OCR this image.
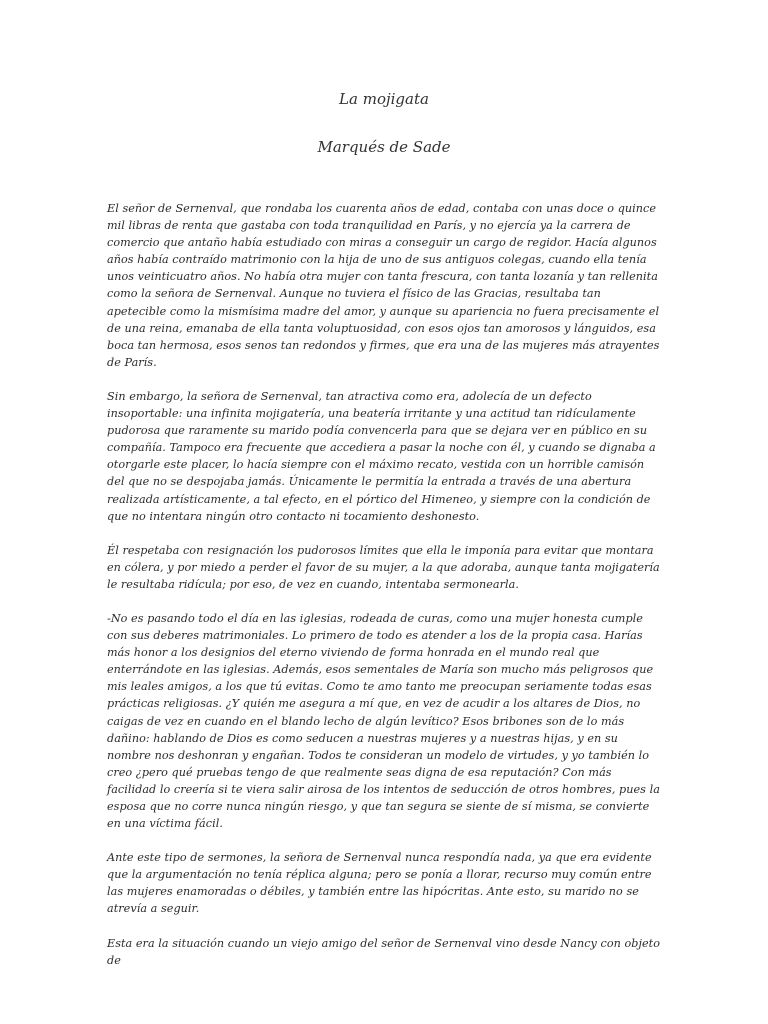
La mojigata
Marqués de Sade

El señor de Sernenval, que rondaba los cuarenta años de edad, contaba con unas doce o quince mil libras de renta que gastaba con toda tranquilidad en París, y no ejercía ya la carrera de comercio que antaño había estudiado con miras a conseguir un cargo de regidor. Hacía algunos años había contraído matrimonio con la hija de uno de sus antiguos colegas, cuando ella tenía unos veinticuatro años. No había otra mujer con tanta frescura, con tanta lozanía y tan rellenita como la señora de Sernenval. Aunque no tuviera el físico de las Gracias, resultaba tan apetecible como la mismísima madre del amor, y aunque su apariencia no fuera precisamente el de una reina, emanaba de ella tanta voluptuosidad, con esos ojos tan amorosos y lánguidos, esa boca tan hermosa, esos senos tan redondos y firmes, que era una de las mujeres más atrayentes de París.

Sin embargo, la señora de Sernenval, tan atractiva como era, adolecía de un defecto insoportable: una infinita mojigatería, una beatería irritante y una actitud tan ridículamente pudorosa que raramente su marido podía convencerla para que se dejara ver en público en su compañía. Tampoco era frecuente que accediera a pasar la noche con él, y cuando se dignaba a otorgarle este placer, lo hacía siempre con el máximo recato, vestida con un horrible camisón del que no se despojaba jamás. Únicamente le permitía la entrada a través de una abertura realizada artísticamente, a tal efecto, en el pórtico del Himeneo, y siempre con la condición de que no intentara ningún otro contacto ni tocamiento deshonesto.

Él respetaba con resignación los pudorosos límites que ella le imponía para evitar que montara en cólera, y por miedo a perder el favor de su mujer, a la que adoraba, aunque tanta mojigatería le resultaba ridícula; por eso, de vez en cuando, intentaba sermonearla.

-No es pasando todo el día en las iglesias, rodeada de curas, como una mujer honesta cumple con sus deberes matrimoniales. Lo primero de todo es atender a los de la propia casa. Harías más honor a los designios del eterno viviendo de forma honrada en el mundo real que enterrándote en las iglesias. Además, esos sementales de María son mucho más peligrosos que mis leales amigos, a los que tú evitas. Como te amo tanto me preocupan seriamente todas esas prácticas religiosas. ¿Y quién me asegura a mí que, en vez de acudir a los altares de Dios, no caigas de vez en cuando en el blando lecho de algún levítico? Esos bribones son de lo más dañino: hablando de Dios es como seducen a nuestras mujeres y a nuestras hijas, y en su nombre nos deshonran y engañan. Todos te consideran un modelo de virtudes, y yo también lo creo ¿pero qué pruebas tengo de que realmente seas digna de esa reputación? Con más facilidad lo creería si te viera salir airosa de los intentos de seducción de otros hombres, pues la esposa que no corre nunca ningún riesgo, y que tan segura se siente de sí misma, se convierte en una víctima fácil.

Ante este tipo de sermones, la señora de Sernenval nunca respondía nada, ya que era evidente que la argumentación no tenía réplica alguna; pero se ponía a llorar, recurso muy común entre las mujeres enamoradas o débiles, y también entre las hipócritas. Ante esto, su marido no se atrevía a seguir.

Esta era la situación cuando un viejo amigo del señor de Sernenval vino desde Nancy con objeto de
